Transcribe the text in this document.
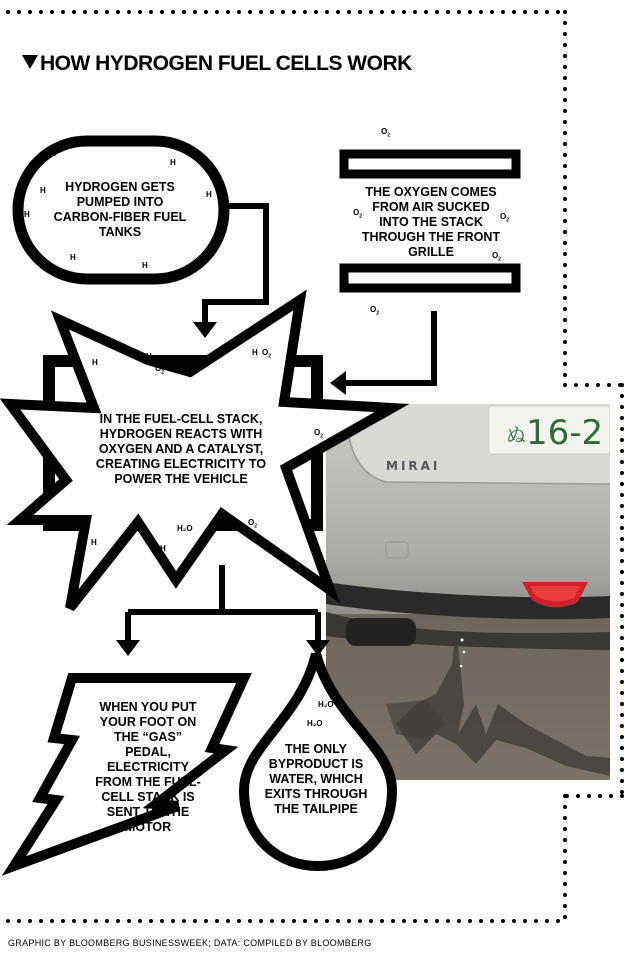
HOW HYDROGEN FUEL CELLS WORK
ぬ 16-2
MIRAI
HYDROGEN GETS PUMPED INTO CARBON-FIBER FUEL TANKS
THE OXYGEN COMES FROM AIR SUCKED INTO THE STACK THROUGH THE FRONT GRILLE
IN THE FUEL-CELL STACK, HYDROGEN REACTS WITH OXYGEN AND A CATALYST, CREATING ELECTRICITY TO POWER THE VEHICLE
WHEN YOU PUT YOUR FOOT ON THE “GAS” PEDAL, ELECTRICITY FROM THE FUEL-CELL STACK IS SENT TO THE MOTOR
THE ONLY BYPRODUCT IS WATER, WHICH EXITS THROUGH THE TAILPIPE
H
H
H	H
H
H
H
H
H	H
H
H
$O_2$
$O_2$	$O_2$
$O_2$
$O_2$
$O_2$
$O_2$
$O_2$
$O_2$
H₂O
H₂O
H₂O
GRAPHIC BY BLOOMBERG BUSINESSWEEK; DATA: COMPILED BY BLOOMBERG
